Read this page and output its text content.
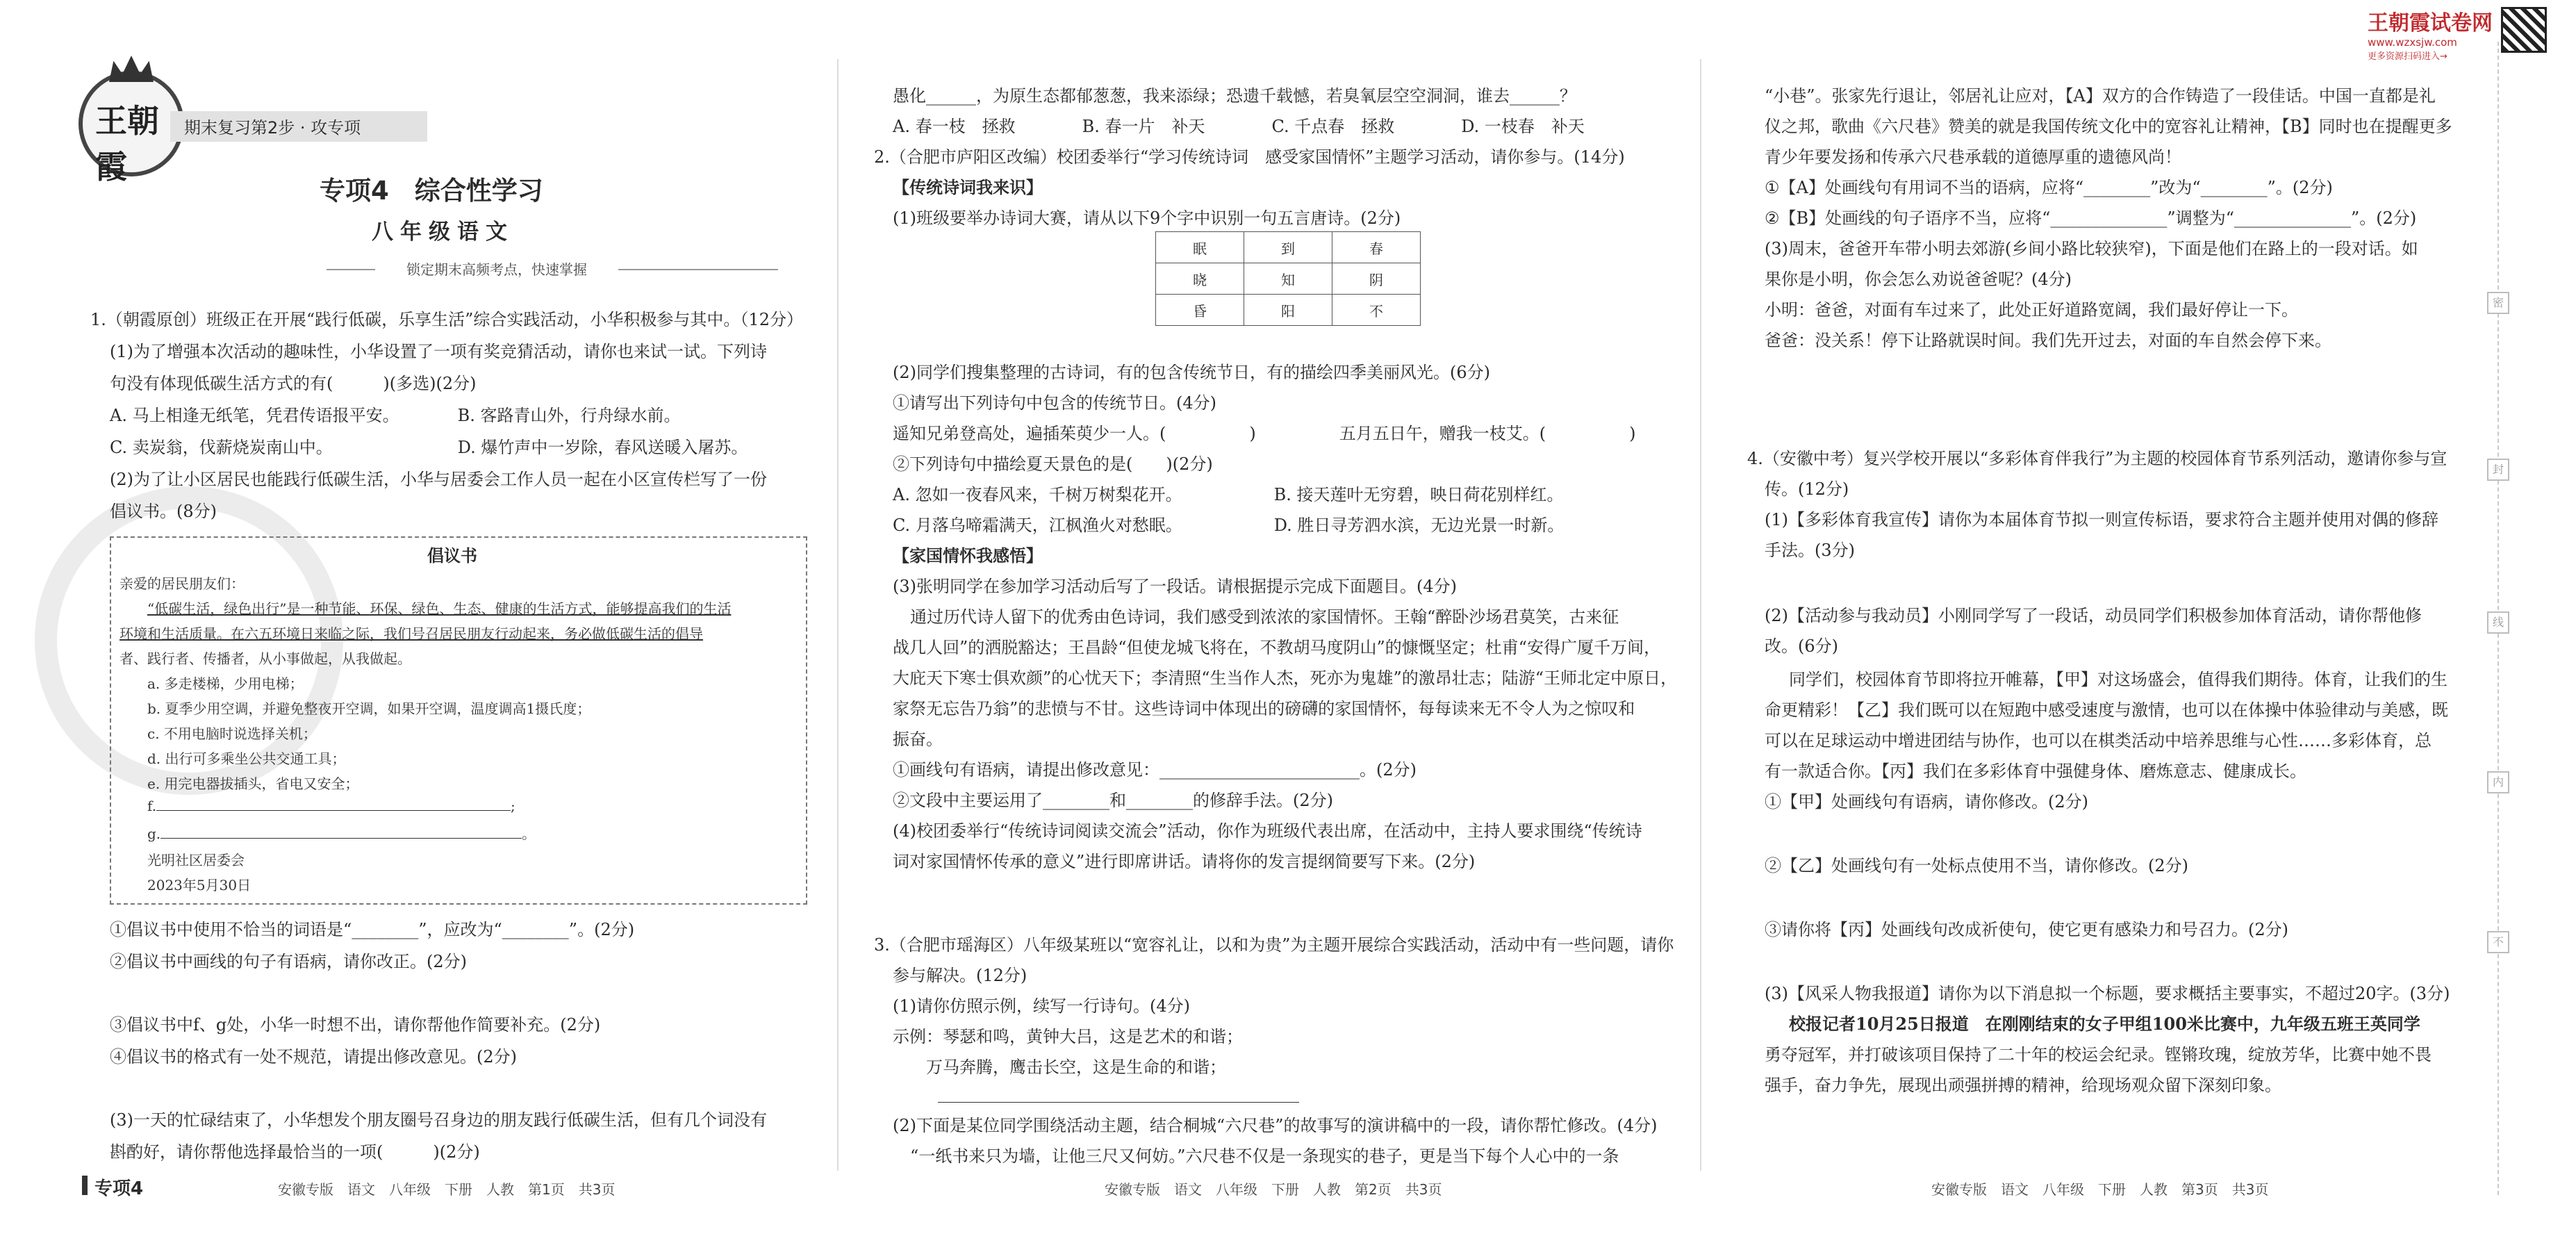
王朝霞试卷网
www.wzxsjw.com
更多资源扫码进入→
密
封
线
内
不
王朝霞
期末复习第2步 · 攻专项
专项4　综合性学习
八年级语文
锁定期末高频考点，快速掌握
1.（朝霞原创）班级正在开展“践行低碳，乐享生活”综合实践活动，小华积极参与其中。（12分）
(1)为了增强本次活动的趣味性，小华设置了一项有奖竞猜活动，请你也来试一试。下列诗
句没有体现低碳生活方式的有(　　　)(多选)(2分)
A. 马上相逢无纸笔，凭君传语报平安。　　　　B. 客路青山外，行舟绿水前。
C. 卖炭翁，伐薪烧炭南山中。　　　　　　　　D. 爆竹声中一岁除，春风送暖入屠苏。
(2)为了让小区居民也能践行低碳生活，小华与居委会工作人员一起在小区宣传栏写了一份
倡议书。(8分)
倡议书
亲爱的居民朋友们：
“低碳生活，绿色出行”是一种节能、环保、绿色、生态、健康的生活方式，能够提高我们的生活
环境和生活质量。在六五环境日来临之际，我们号召居民朋友行动起来，务必做低碳生活的倡导
者、践行者、传播者，从小事做起，从我做起。
a. 多走楼梯，少用电梯；
b. 夏季少用空调，并避免整夜开空调，如果开空调，温度调高1摄氏度；
c. 不用电脑时说选择关机；
d. 出行可多乘坐公共交通工具；
e. 用完电器拔插头，省电又安全；
f.	;
g.	。
光明社区居委会
2023年5月30日
①倡议书中使用不恰当的词语是“________”，应改为“________”。(2分)
②倡议书中画线的句子有语病，请你改正。(2分)
③倡议书中f、g处，小华一时想不出，请你帮他作简要补充。(2分)
④倡议书的格式有一处不规范，请提出修改意见。(2分)
(3)一天的忙碌结束了，小华想发个朋友圈号召身边的朋友践行低碳生活，但有几个词没有
斟酌好，请你帮他选择最恰当的一项(　　　)(2分)
专项4	安徽专版　语文　八年级　下册　人教　第1页　共3页
愚化______，为原生态都郁葱葱，我来添绿；恐遗千载憾，若臭氧层空空洞洞，谁去______？
A. 春一枝　拯救　　　　B. 春一片　补天　　　　C. 千点春　拯救　　　　D. 一枝春　补天
2.（合肥市庐阳区改编）校团委举行“学习传统诗词　感受家国情怀”主题学习活动，请你参与。(14分)
【传统诗词我来识】
(1)班级要举办诗词大赛，请从以下9个字中识别一句五言唐诗。(2分)
眠	到	春
晓	知	阴
昏	阳	不
(2)同学们搜集整理的古诗词，有的包含传统节日，有的描绘四季美丽风光。(6分)
①请写出下列诗句中包含的传统节日。(4分)
遥知兄弟登高处，遍插茱萸少一人。(　　　　　)　　　　　五月五日午，赠我一枝艾。(　　　　　)
②下列诗句中描绘夏天景色的是(　　)(2分)
A. 忽如一夜春风来，千树万树梨花开。　　　　　　B. 接天莲叶无穷碧，映日荷花别样红。
C. 月落乌啼霜满天，江枫渔火对愁眠。　　　　　　D. 胜日寻芳泗水滨，无边光景一时新。
【家国情怀我感悟】
(3)张明同学在参加学习活动后写了一段话。请根据提示完成下面题目。(4分)
通过历代诗人留下的优秀由色诗词，我们感受到浓浓的家国情怀。王翰“醉卧沙场君莫笑，古来征
战几人回”的洒脱豁达；王昌龄“但使龙城飞将在，不教胡马度阴山”的慷慨坚定；杜甫“安得广厦千万间，
大庇天下寒士俱欢颜”的心忧天下；李清照“生当作人杰，死亦为鬼雄”的激昂壮志；陆游“王师北定中原日，
家祭无忘告乃翁”的悲愤与不甘。这些诗词中体现出的磅礴的家国情怀，每每读来无不令人为之惊叹和
振奋。
①画线句有语病，请提出修改意见：________________________。(2分)
②文段中主要运用了________和________的修辞手法。(2分)
(4)校团委举行“传统诗词阅读交流会”活动，你作为班级代表出席，在活动中，主持人要求围绕“传统诗
词对家国情怀传承的意义”进行即席讲话。请将你的发言提纲简要写下来。(2分)
3.（合肥市瑶海区）八年级某班以“宽容礼让，以和为贵”为主题开展综合实践活动，活动中有一些问题，请你
参与解决。(12分)
(1)请你仿照示例，续写一行诗句。(4分)
示例：琴瑟和鸣，黄钟大吕，这是艺术的和谐；
　　万马奔腾，鹰击长空，这是生命的和谐；
(2)下面是某位同学围绕活动主题，结合桐城“六尺巷”的故事写的演讲稿中的一段，请你帮忙修改。(4分)
“一纸书来只为墙，让他三尺又何妨。”六尺巷不仅是一条现实的巷子，更是当下每个人心中的一条
安徽专版　语文　八年级　下册　人教　第2页　共3页
“小巷”。张家先行退让，邻居礼让应对，【A】双方的合作铸造了一段佳话。中国一直都是礼
仪之邦，歌曲《六尺巷》赞美的就是我国传统文化中的宽容礼让精神，【B】同时也在提醒更多
青少年要发扬和传承六尺巷承载的道德厚重的遗德风尚！
①【A】处画线句有用词不当的语病，应将“________”改为“________”。(2分)
②【B】处画线的句子语序不当，应将“______________”调整为“______________”。(2分)
(3)周末，爸爸开车带小明去郊游(乡间小路比较狭窄)，下面是他们在路上的一段对话。如
果你是小明，你会怎么劝说爸爸呢？(4分)
小明：爸爸，对面有车过来了，此处正好道路宽阔，我们最好停让一下。
爸爸：没关系！停下让路就误时间。我们先开过去，对面的车自然会停下来。
4.（安徽中考）复兴学校开展以“多彩体育伴我行”为主题的校园体育节系列活动，邀请你参与宣
传。(12分)
(1)【多彩体育我宣传】请你为本届体育节拟一则宣传标语，要求符合主题并使用对偶的修辞
手法。(3分)
(2)【活动参与我动员】小刚同学写了一段话，动员同学们积极参加体育活动，请你帮他修
改。(6分)
同学们，校园体育节即将拉开帷幕，【甲】对这场盛会，值得我们期待。体育，让我们的生
命更精彩！【乙】我们既可以在短跑中感受速度与激情，也可以在体操中体验律动与美感，既
可以在足球运动中增进团结与协作，也可以在棋类活动中培养思维与心性……多彩体育，总
有一款适合你。【丙】我们在多彩体育中强健身体、磨炼意志、健康成长。
①【甲】处画线句有语病，请你修改。(2分)
②【乙】处画线句有一处标点使用不当，请你修改。(2分)
③请你将【丙】处画线句改成祈使句，使它更有感染力和号召力。(2分)
(3)【风采人物我报道】请你为以下消息拟一个标题，要求概括主要事实，不超过20字。(3分)
校报记者10月25日报道　在刚刚结束的女子甲组100米比赛中，九年级五班王英同学
勇夺冠军，并打破该项目保持了二十年的校运会纪录。铿锵玫瑰，绽放芳华，比赛中她不畏
强手，奋力争先，展现出顽强拼搏的精神，给现场观众留下深刻印象。
安徽专版　语文　八年级　下册　人教　第3页　共3页
